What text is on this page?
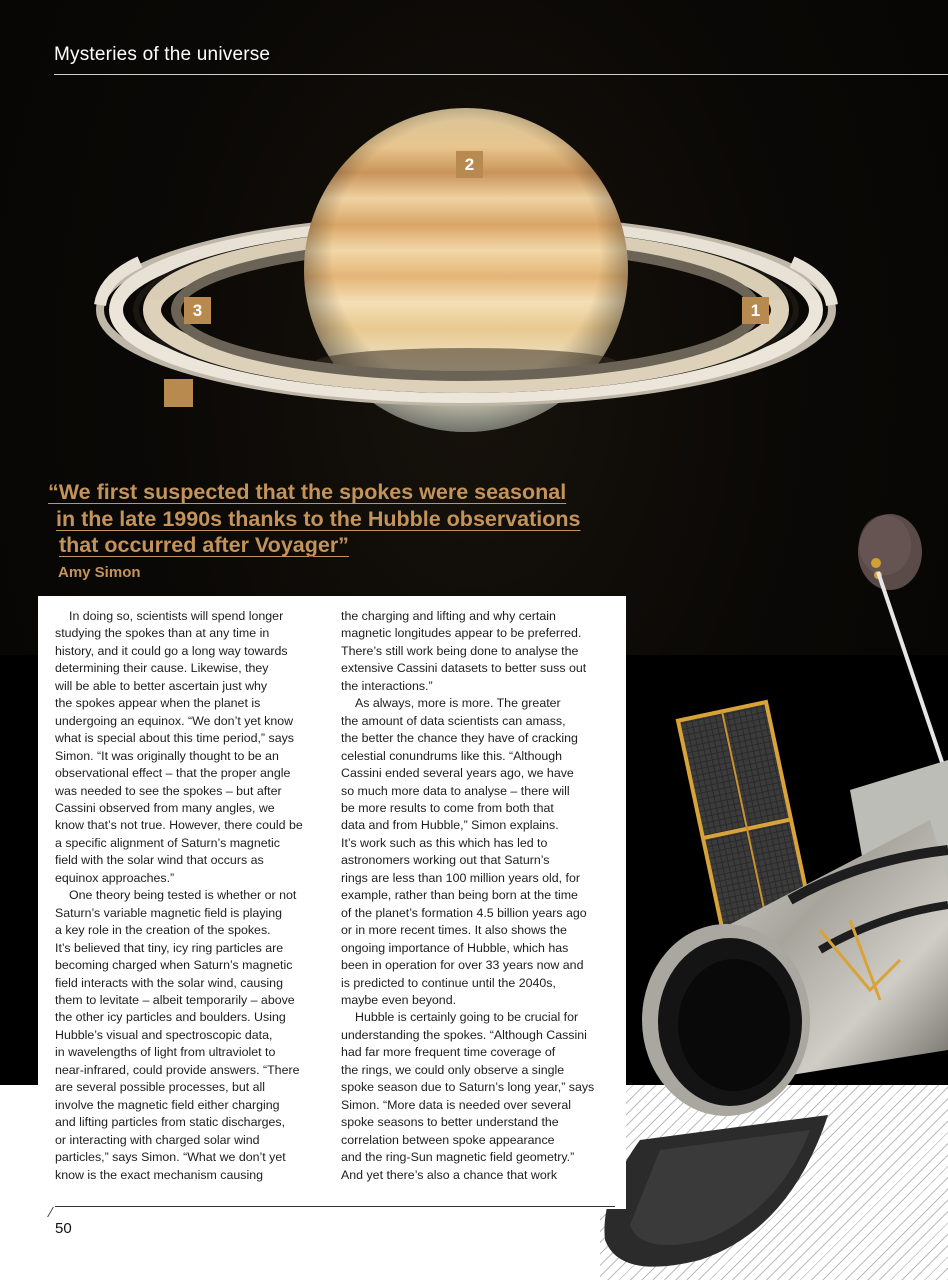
Mysteries of the universe
2
3	1
“We first suspected that the spokes were seasonal
in the late 1990s thanks to the Hubble observations
that occurred after Voyager”
Amy Simon
In doing so, scientists will spend longer
studying the spokes than at any time in
history, and it could go a long way towards
determining their cause. Likewise, they
will be able to better ascertain just why
the spokes appear when the planet is
undergoing an equinox. “We don’t yet know
what is special about this time period,” says
Simon. “It was originally thought to be an
observational effect – that the proper angle
was needed to see the spokes – but after
Cassini observed from many angles, we
know that’s not true. However, there could be
a specific alignment of Saturn’s magnetic
field with the solar wind that occurs as
equinox approaches.”
One theory being tested is whether or not
Saturn’s variable magnetic field is playing
a key role in the creation of the spokes.
It’s believed that tiny, icy ring particles are
becoming charged when Saturn’s magnetic
field interacts with the solar wind, causing
them to levitate – albeit temporarily – above
the other icy particles and boulders. Using
Hubble’s visual and spectroscopic data,
in wavelengths of light from ultraviolet to
near-infrared, could provide answers. “There
are several possible processes, but all
involve the magnetic field either charging
and lifting particles from static discharges,
or interacting with charged solar wind
particles,” says Simon. “What we don’t yet
know is the exact mechanism causing
the charging and lifting and why certain
magnetic longitudes appear to be preferred.
There’s still work being done to analyse the
extensive Cassini datasets to better suss out
the interactions.”
As always, more is more. The greater
the amount of data scientists can amass,
the better the chance they have of cracking
celestial conundrums like this. “Although
Cassini ended several years ago, we have
so much more data to analyse – there will
be more results to come from both that
data and from Hubble,” Simon explains.
It’s work such as this which has led to
astronomers working out that Saturn’s
rings are less than 100 million years old, for
example, rather than being born at the time
of the planet’s formation 4.5 billion years ago
or in more recent times. It also shows the
ongoing importance of Hubble, which has
been in operation for over 33 years now and
is predicted to continue until the 2040s,
maybe even beyond.
Hubble is certainly going to be crucial for
understanding the spokes. “Although Cassini
had far more frequent time coverage of
the rings, we could only observe a single
spoke season due to Saturn’s long year,” says
Simon. “More data is needed over several
spoke seasons to better understand the
correlation between spoke appearance
and the ring-Sun magnetic field geometry.”
And yet there’s also a chance that work
50
